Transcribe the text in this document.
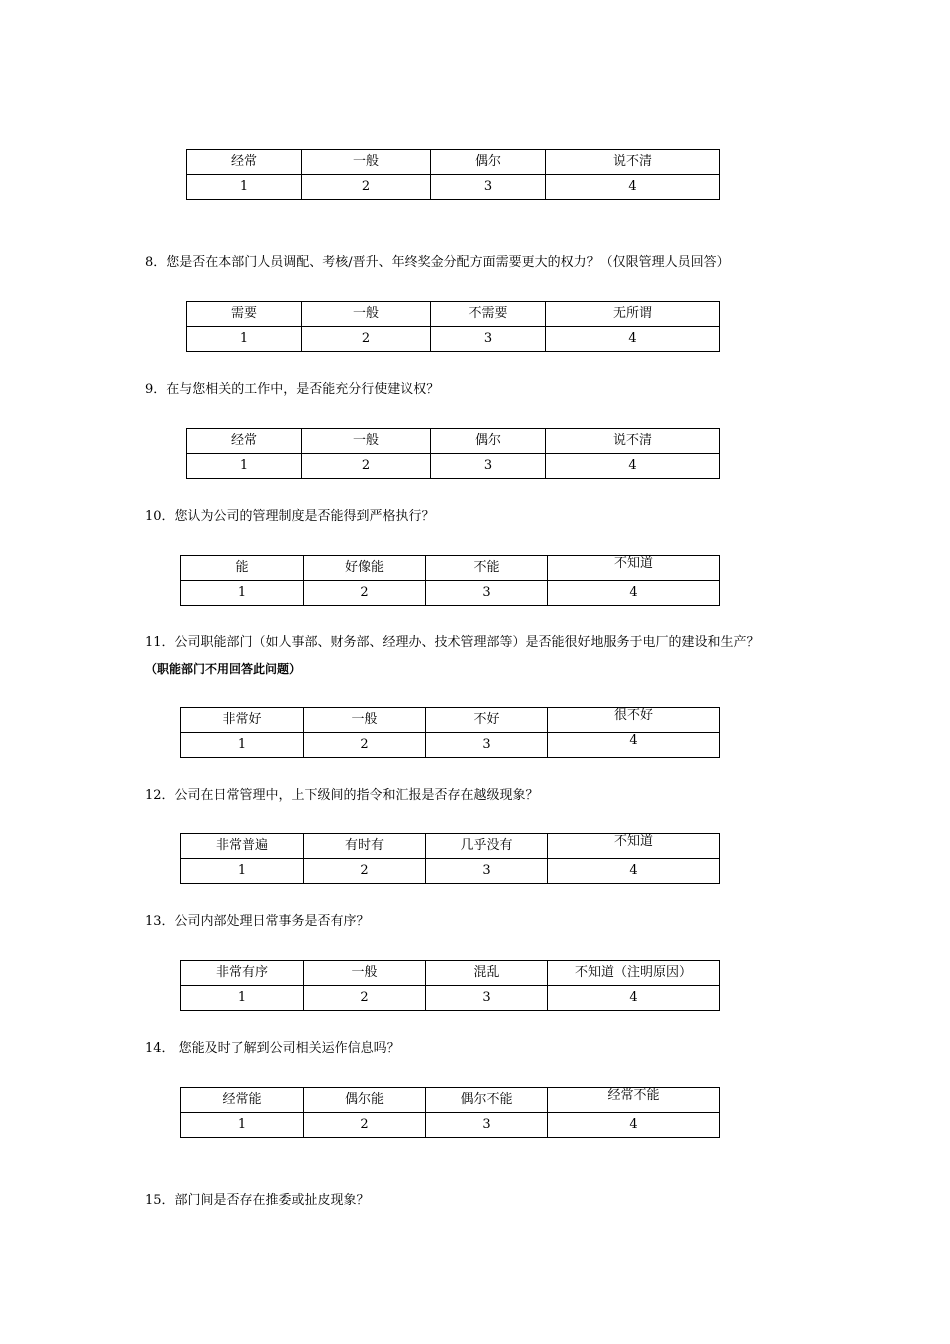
经常	一般	偶尔	说不清
1	2	3	4
8．您是否在本部门人员调配、考核/晋升、年终奖金分配方面需要更大的权力？（仅限管理人员回答）
需要	一般	不需要	无所谓
1	2	3	4
9．在与您相关的工作中，是否能充分行使建议权？
经常	一般	偶尔	说不清
1	2	3	4
10．您认为公司的管理制度是否能得到严格执行？
能	好像能	不能	不知道
1	2	3	4
11．公司职能部门（如人事部、财务部、经理办、技术管理部等）是否能很好地服务于电厂的建设和生产？
（职能部门不用回答此问题）
非常好	一般	不好	很不好
1	2	3	4
12．公司在日常管理中，上下级间的指令和汇报是否存在越级现象？
非常普遍	有时有	几乎没有	不知道
1	2	3	4
13．公司内部处理日常事务是否有序？
非常有序	一般	混乱	不知道（注明原因）
1	2	3	4
14． 您能及时了解到公司相关运作信息吗？
经常能	偶尔能	偶尔不能	经常不能
1	2	3	4
15．部门间是否存在推委或扯皮现象？
